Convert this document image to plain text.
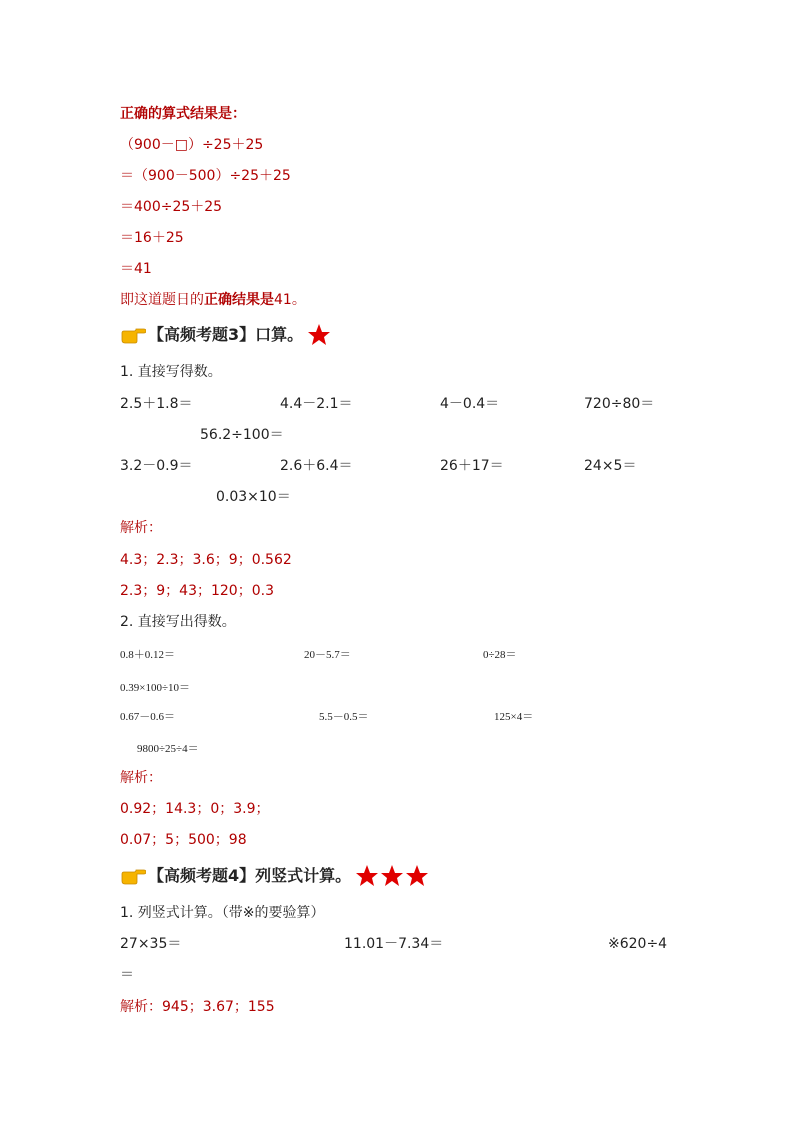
正确的算式结果是：
（900－□）÷25＋25
＝（900－500）÷25＋25
＝400÷25＋25
＝16＋25
＝41
即这道题日的正确结果是41。
【高频考题3】口算。
1. 直接写得数。
2.5＋1.8＝	4.4－2.1＝	4－0.4＝	720÷80＝
56.2÷100＝
3.2－0.9＝	2.6＋6.4＝	26＋17＝	24×5＝
0.03×10＝
解析：
4.3；2.3；3.6；9；0.562
2.3；9；43；120；0.3
2. 直接写出得数。
0.8＋0.12＝	20－5.7＝	0÷28＝
0.39×100÷10＝
0.67－0.6＝	5.5－0.5＝	125×4＝
9800÷25÷4＝
解析：
0.92；14.3；0；3.9；
0.07；5；500；98
【高频考题4】列竖式计算。
1. 列竖式计算。（带※的要验算）
27×35＝	11.01－7.34＝	※620÷4
＝
解析：945；3.67；155
